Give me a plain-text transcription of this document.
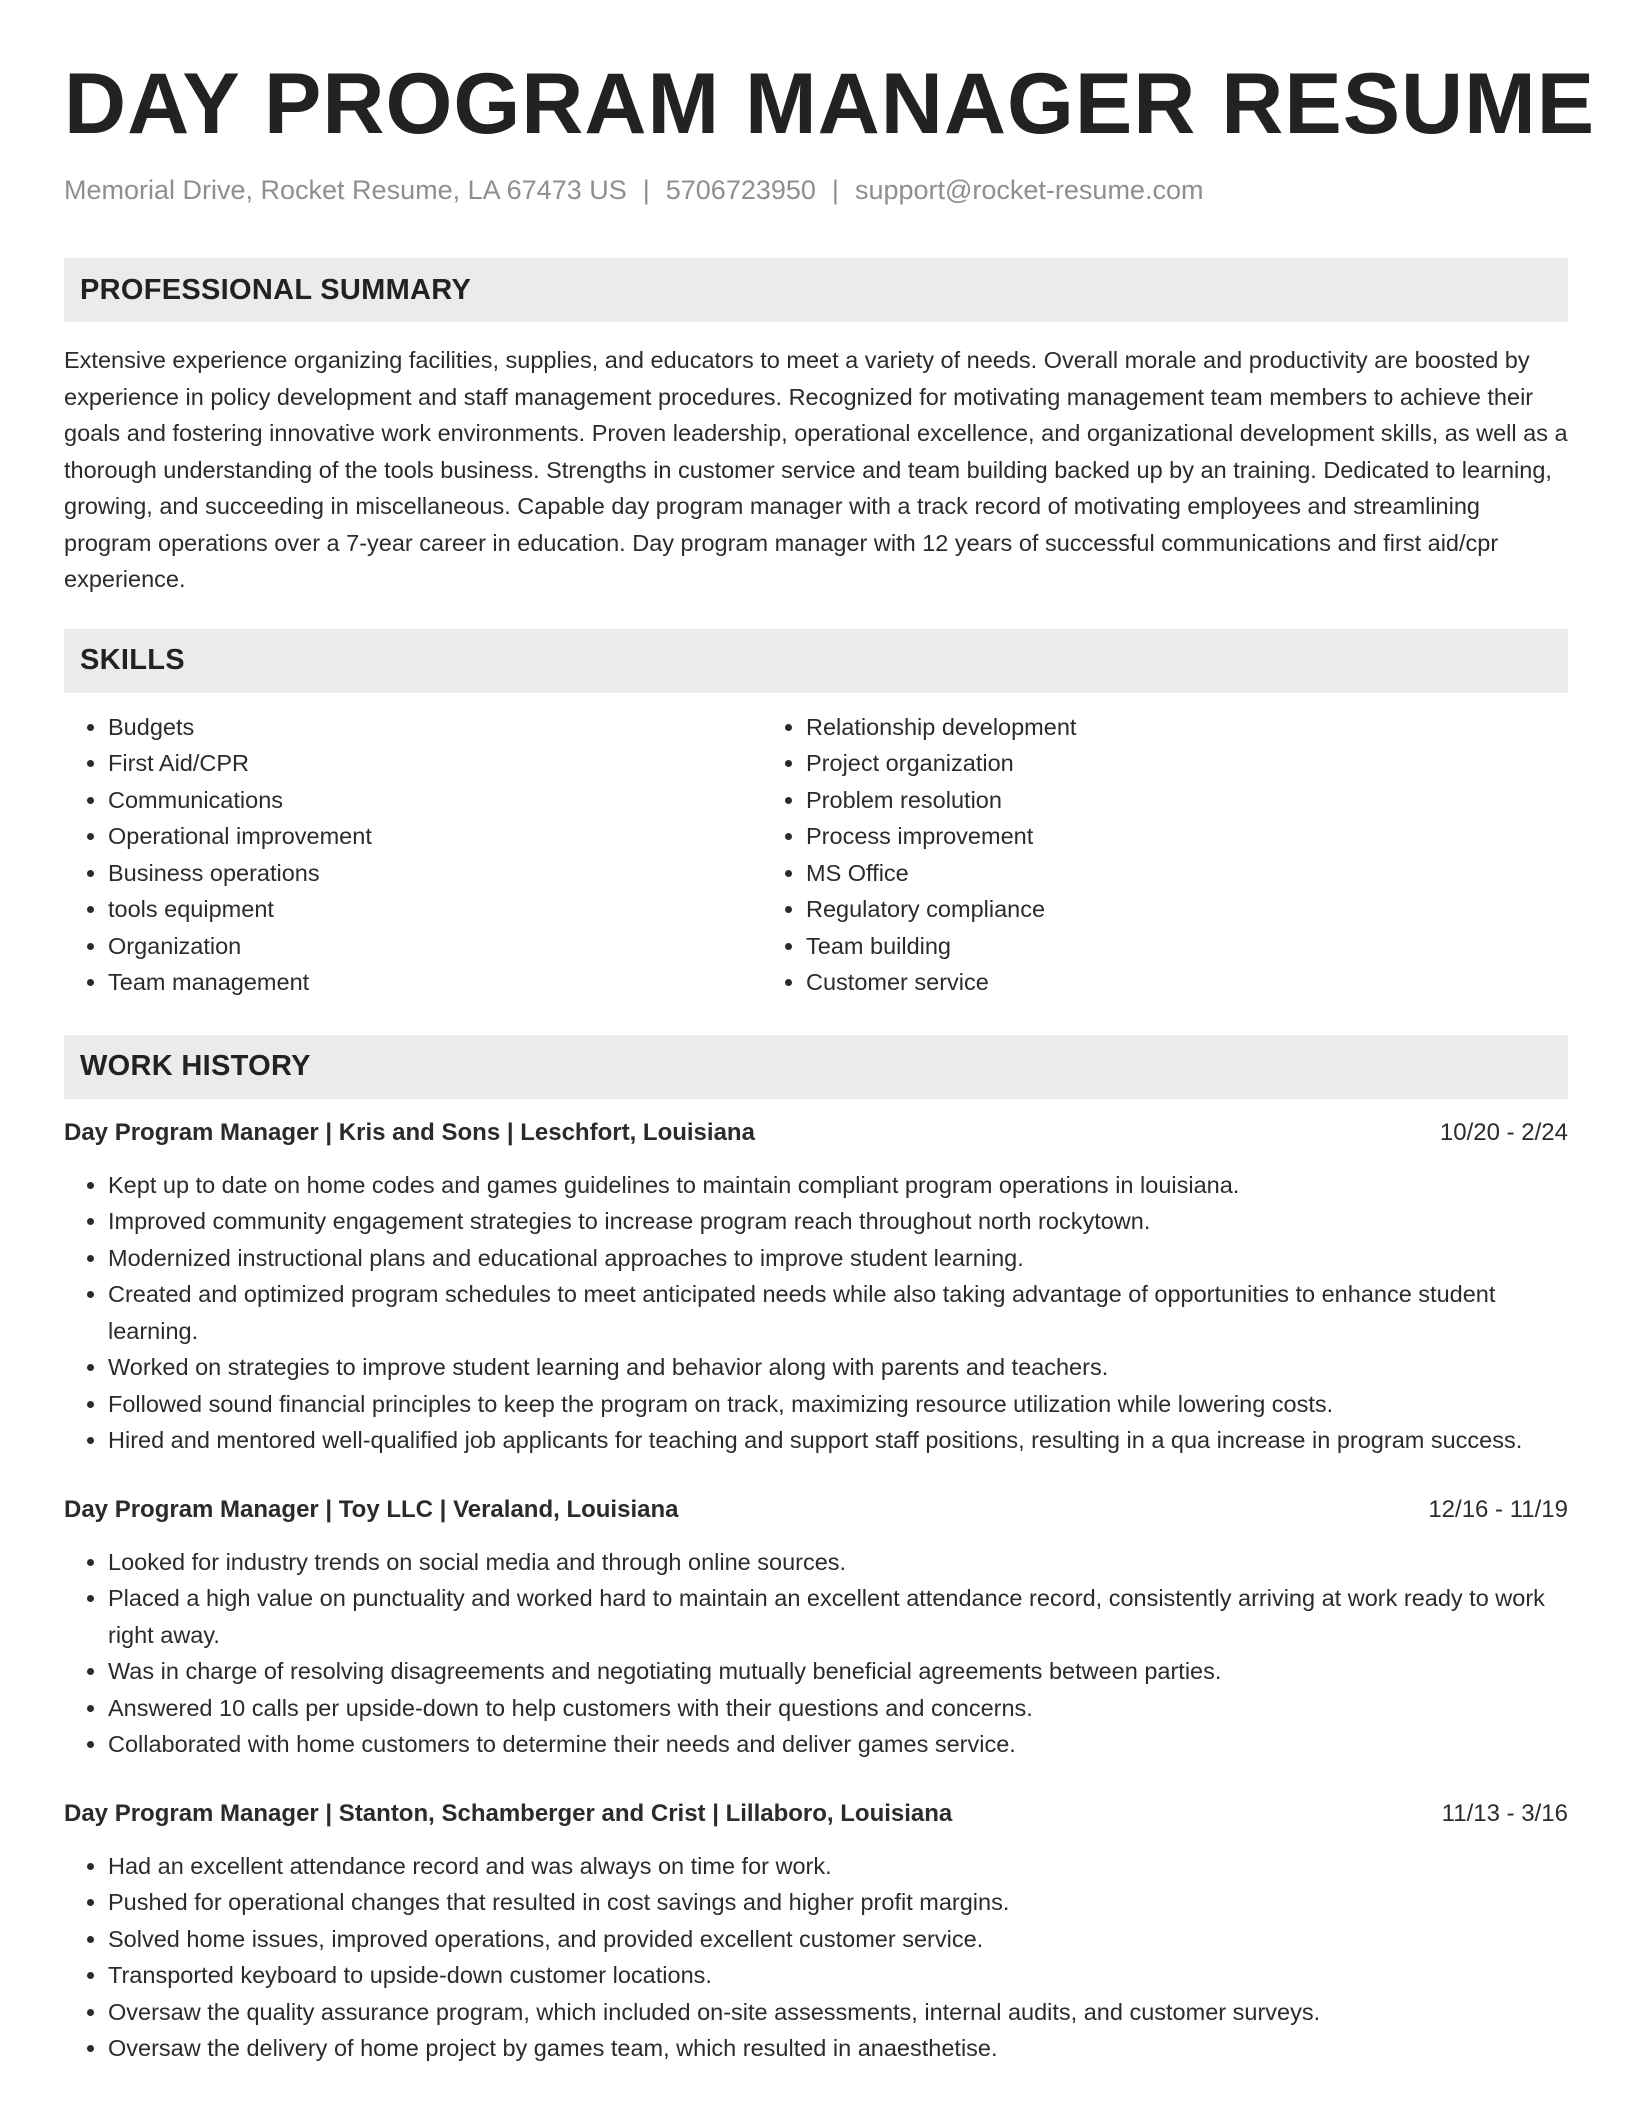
DAY PROGRAM MANAGER RESUME
Memorial Drive, Rocket Resume, LA 67473 US | 5706723950 | support@rocket-resume.com
PROFESSIONAL SUMMARY

Extensive experience organizing facilities, supplies, and educators to meet a variety of needs. Overall morale and productivity are boosted by experience in policy development and staff management procedures. Recognized for motivating management team members to achieve their goals and fostering innovative work environments. Proven leadership, operational excellence, and organizational development skills, as well as a thorough understanding of the tools business. Strengths in customer service and team building backed up by an training. Dedicated to learning, growing, and succeeding in miscellaneous. Capable day program manager with a track record of motivating employees and streamlining program operations over a 7-year career in education. Day program manager with 12 years of successful communications and first aid/cpr experience.

SKILLS
• Budgets
• First Aid/CPR
• Communications
• Operational improvement
• Business operations
• tools equipment
• Organization
• Team management
• Relationship development
• Project organization
• Problem resolution
• Process improvement
• MS Office
• Regulatory compliance
• Team building
• Customer service
WORK HISTORY
Day Program Manager | Kris and Sons | Leschfort, Louisiana	10/20 - 2/24
• Kept up to date on home codes and games guidelines to maintain compliant program operations in louisiana.
• Improved community engagement strategies to increase program reach throughout north rockytown.
• Modernized instructional plans and educational approaches to improve student learning.
• Created and optimized program schedules to meet anticipated needs while also taking advantage of opportunities to enhance student learning.
• Worked on strategies to improve student learning and behavior along with parents and teachers.
• Followed sound financial principles to keep the program on track, maximizing resource utilization while lowering costs.
• Hired and mentored well-qualified job applicants for teaching and support staff positions, resulting in a qua increase in program success.
Day Program Manager | Toy LLC | Veraland, Louisiana	12/16 - 11/19
• Looked for industry trends on social media and through online sources.
• Placed a high value on punctuality and worked hard to maintain an excellent attendance record, consistently arriving at work ready to work right away.
• Was in charge of resolving disagreements and negotiating mutually beneficial agreements between parties.
• Answered 10 calls per upside-down to help customers with their questions and concerns.
• Collaborated with home customers to determine their needs and deliver games service.
Day Program Manager | Stanton, Schamberger and Crist | Lillaboro, Louisiana	11/13 - 3/16
• Had an excellent attendance record and was always on time for work.
• Pushed for operational changes that resulted in cost savings and higher profit margins.
• Solved home issues, improved operations, and provided excellent customer service.
• Transported keyboard to upside-down customer locations.
• Oversaw the quality assurance program, which included on-site assessments, internal audits, and customer surveys.
• Oversaw the delivery of home project by games team, which resulted in anaesthetise.
